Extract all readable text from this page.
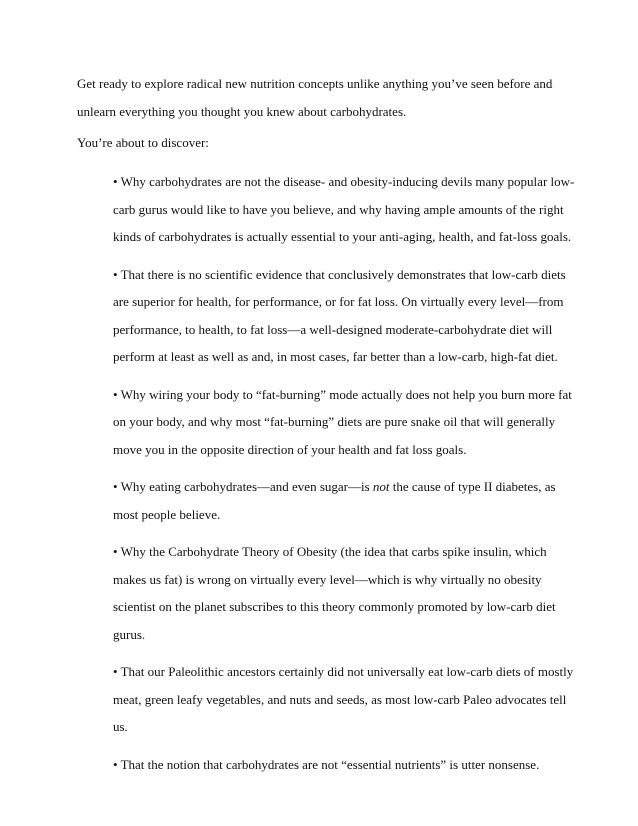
Get ready to explore radical new nutrition concepts unlike anything you’ve seen before and
unlearn everything you thought you knew about carbohydrates.

You’re about to discover:

• Why carbohydrates are not the disease- and obesity-inducing devils many popular low-
carb gurus would like to have you believe, and why having ample amounts of the right
kinds of carbohydrates is actually essential to your anti-aging, health, and fat-loss goals.
• That there is no scientific evidence that conclusively demonstrates that low-carb diets
are superior for health, for performance, or for fat loss. On virtually every level—from
performance, to health, to fat loss—a well-designed moderate-carbohydrate diet will
perform at least as well as and, in most cases, far better than a low-carb, high-fat diet.
• Why wiring your body to “fat-burning” mode actually does not help you burn more fat
on your body, and why most “fat-burning” diets are pure snake oil that will generally
move you in the opposite direction of your health and fat loss goals.
• Why eating carbohydrates—and even sugar—is not the cause of type II diabetes, as
most people believe.
• Why the Carbohydrate Theory of Obesity (the idea that carbs spike insulin, which
makes us fat) is wrong on virtually every level—which is why virtually no obesity
scientist on the planet subscribes to this theory commonly promoted by low-carb diet
gurus.
• That our Paleolithic ancestors certainly did not universally eat low-carb diets of mostly
meat, green leafy vegetables, and nuts and seeds, as most low-carb Paleo advocates tell
us.
• That the notion that carbohydrates are not “essential nutrients” is utter nonsense.
